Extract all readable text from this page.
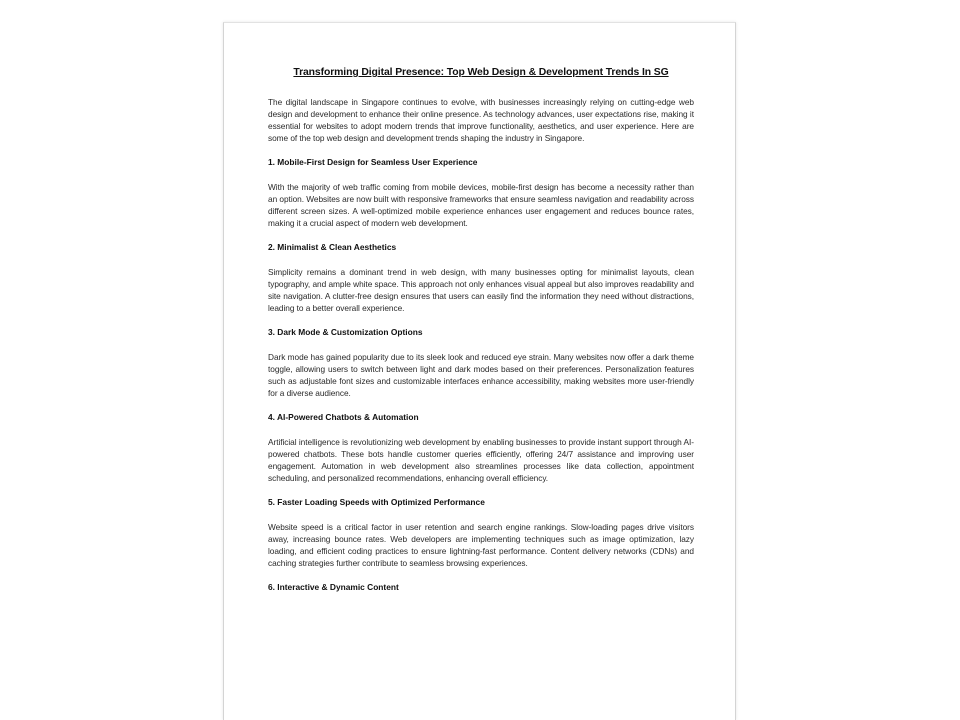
Transforming Digital Presence: Top Web Design & Development Trends In SG

The digital landscape in Singapore continues to evolve, with businesses increasingly relying on cutting-edge web design and development to enhance their online presence. As technology advances, user expectations rise, making it essential for websites to adopt modern trends that improve functionality, aesthetics, and user experience. Here are some of the top web design and development trends shaping the industry in Singapore.

1. Mobile-First Design for Seamless User Experience

With the majority of web traffic coming from mobile devices, mobile-first design has become a necessity rather than an option. Websites are now built with responsive frameworks that ensure seamless navigation and readability across different screen sizes. A well-optimized mobile experience enhances user engagement and reduces bounce rates, making it a crucial aspect of modern web development.

2. Minimalist & Clean Aesthetics

Simplicity remains a dominant trend in web design, with many businesses opting for minimalist layouts, clean typography, and ample white space. This approach not only enhances visual appeal but also improves readability and site navigation. A clutter-free design ensures that users can easily find the information they need without distractions, leading to a better overall experience.

3. Dark Mode & Customization Options

Dark mode has gained popularity due to its sleek look and reduced eye strain. Many websites now offer a dark theme toggle, allowing users to switch between light and dark modes based on their preferences. Personalization features such as adjustable font sizes and customizable interfaces enhance accessibility, making websites more user-friendly for a diverse audience.

4. AI-Powered Chatbots & Automation

Artificial intelligence is revolutionizing web development by enabling businesses to provide instant support through AI-powered chatbots. These bots handle customer queries efficiently, offering 24/7 assistance and improving user engagement. Automation in web development also streamlines processes like data collection, appointment scheduling, and personalized recommendations, enhancing overall efficiency.

5. Faster Loading Speeds with Optimized Performance

Website speed is a critical factor in user retention and search engine rankings. Slow-loading pages drive visitors away, increasing bounce rates. Web developers are implementing techniques such as image optimization, lazy loading, and efficient coding practices to ensure lightning-fast performance. Content delivery networks (CDNs) and caching strategies further contribute to seamless browsing experiences.

6. Interactive & Dynamic Content
